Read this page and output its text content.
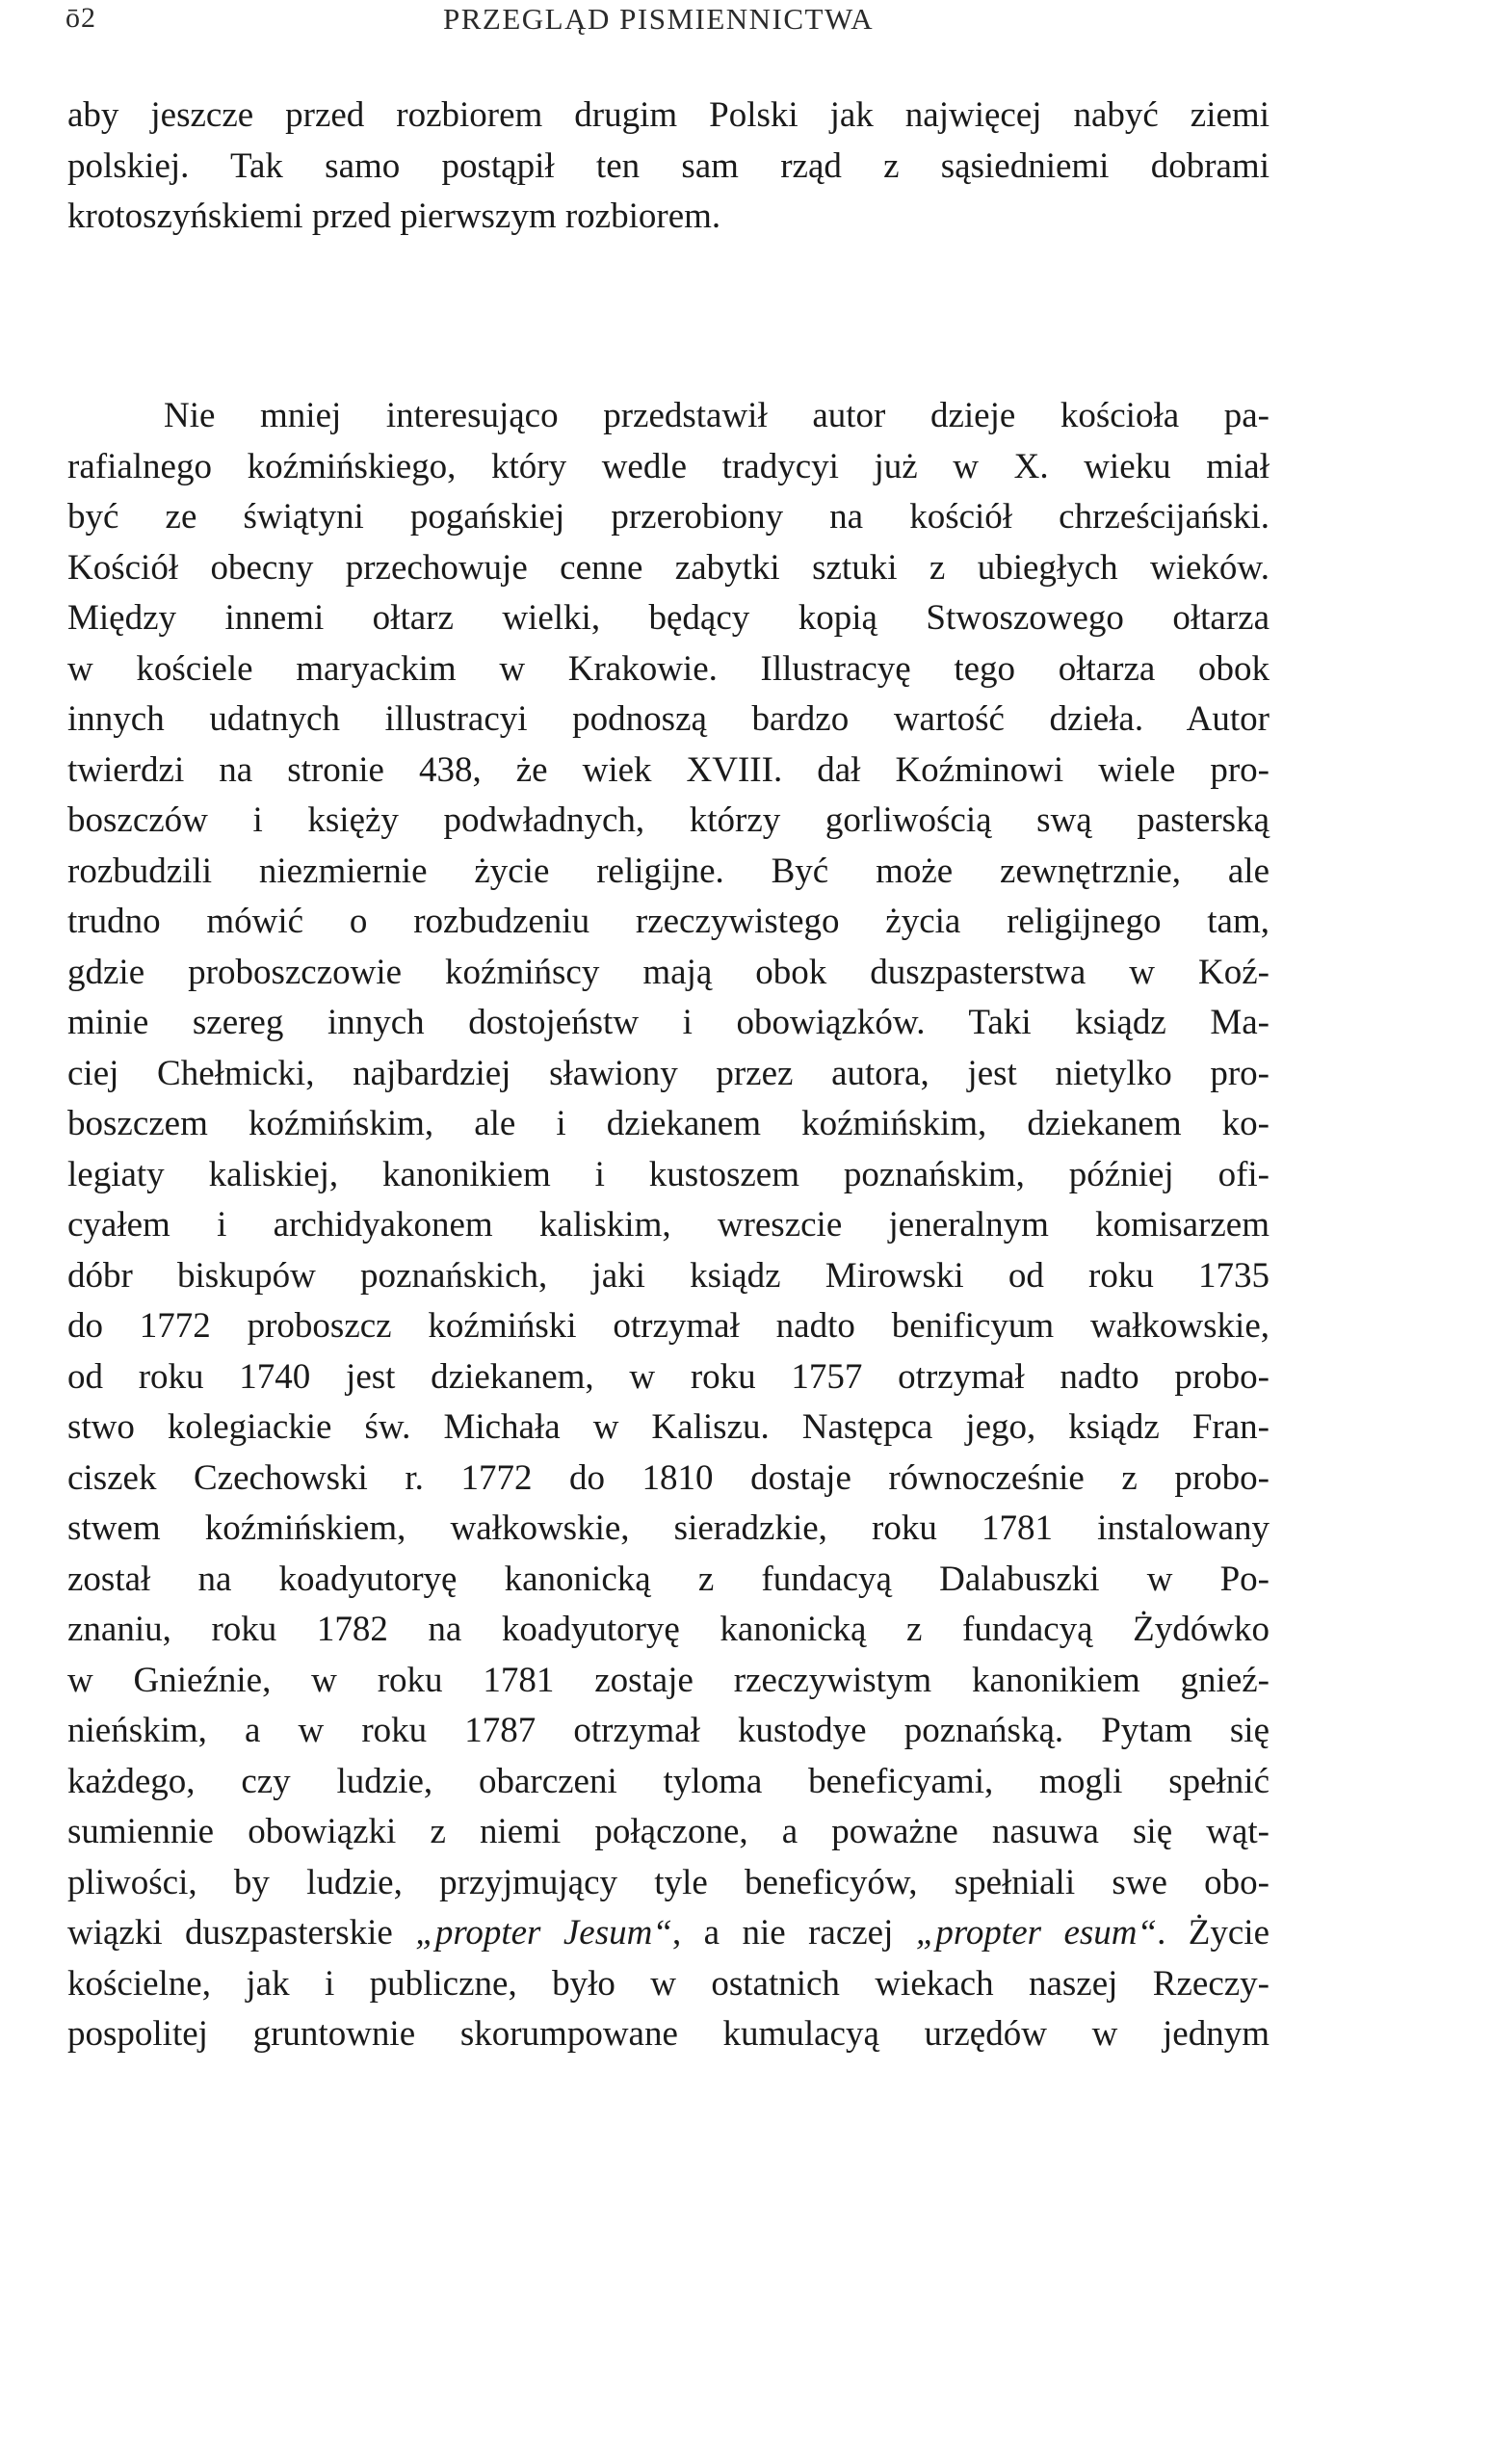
ō2	PRZEGLĄD PISMIENNICTWA
aby jeszcze przed rozbiorem drugim Polski jak najwięcej nabyć ziemi
polskiej. Tak samo postąpił ten sam rząd z sąsiedniemi dobrami
krotoszyńskiemi przed pierwszym rozbiorem.
Nie mniej interesująco przedstawił autor dzieje kościoła pa-
rafialnego koźmińskiego, który wedle tradycyi już w X. wieku miał
być ze świątyni pogańskiej przerobiony na kościół chrześcijański.
Kościół obecny przechowuje cenne zabytki sztuki z ubiegłych wieków.
Między innemi ołtarz wielki, będący kopią Stwoszowego ołtarza
w kościele maryackim w Krakowie. Illustracyę tego ołtarza obok
innych udatnych illustracyi podnoszą bardzo wartość dzieła. Autor
twierdzi na stronie 438, że wiek XVIII. dał Koźminowi wiele pro-
boszczów i księży podwładnych, którzy gorliwością swą pasterską
rozbudzili niezmiernie życie religijne. Być może zewnętrznie, ale
trudno mówić o rozbudzeniu rzeczywistego życia religijnego tam,
gdzie proboszczowie koźmińscy mają obok duszpasterstwa w Koź-
minie szereg innych dostojeństw i obowiązków. Taki ksiądz Ma-
ciej Chełmicki, najbardziej sławiony przez autora, jest nietylko pro-
boszczem koźmińskim, ale i dziekanem koźmińskim, dziekanem ko-
legiaty kaliskiej, kanonikiem i kustoszem poznańskim, później ofi-
cyałem i archidyakonem kaliskim, wreszcie jeneralnym komisarzem
dóbr biskupów poznańskich, jaki ksiądz Mirowski od roku 1735
do 1772 proboszcz koźmiński otrzymał nadto benificyum wałkowskie,
od roku 1740 jest dziekanem, w roku 1757 otrzymał nadto probo-
stwo kolegiackie św. Michała w Kaliszu. Następca jego, ksiądz Fran-
ciszek Czechowski r. 1772 do 1810 dostaje równocześnie z probo-
stwem koźmińskiem, wałkowskie, sieradzkie, roku 1781 instalowany
został na koadyutoryę kanonicką z fundacyą Dalabuszki w Po-
znaniu, roku 1782 na koadyutoryę kanonicką z fundacyą Żydówko
w Gnieźnie, w roku 1781 zostaje rzeczywistym kanonikiem gnieź-
nieńskim, a w roku 1787 otrzymał kustodye poznańską. Pytam się
każdego, czy ludzie, obarczeni tyloma beneficyami, mogli spełnić
sumiennie obowiązki z niemi połączone, a poważne nasuwa się wąt-
pliwości, by ludzie, przyjmujący tyle beneficyów, spełniali swe obo-
wiązki duszpasterskie „propter Jesum“, a nie raczej „propter esum“. Życie
kościelne, jak i publiczne, było w ostatnich wiekach naszej Rzeczy-
pospolitej gruntownie skorumpowane kumulacyą urzędów w jednym
